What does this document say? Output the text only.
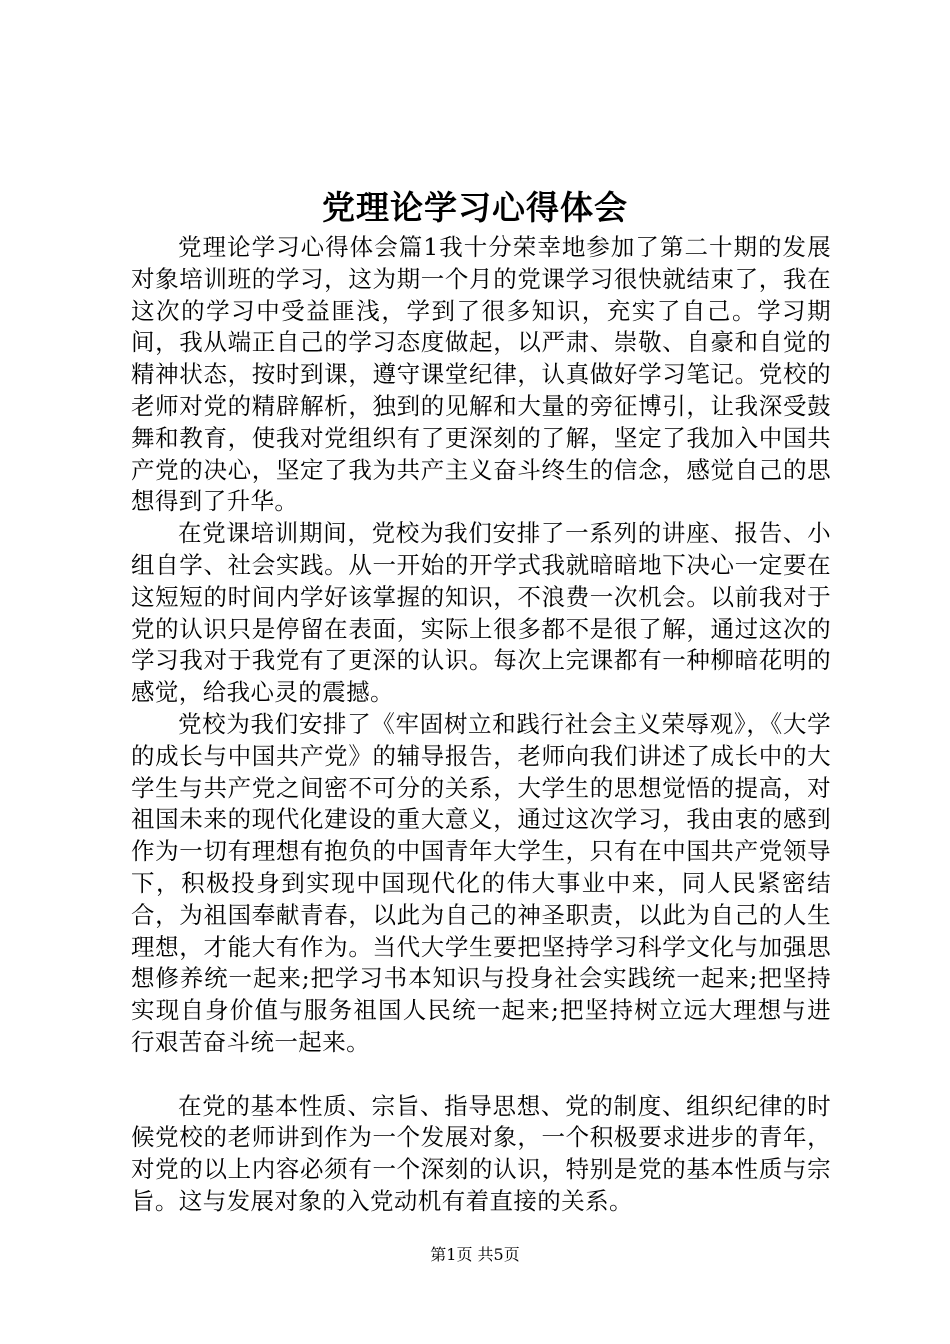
党理论学习心得体会

党理论学习心得体会篇1我十分荣幸地参加了第二十期的发展对象培训班的学习，这为期一个月的党课学习很快就结束了，我在这次的学习中受益匪浅，学到了很多知识，充实了自己。学习期间，我从端正自己的学习态度做起，以严肃、崇敬、自豪和自觉的精神状态，按时到课，遵守课堂纪律，认真做好学习笔记。党校的老师对党的精辟解析，独到的见解和大量的旁征博引，让我深受鼓舞和教育，使我对党组织有了更深刻的了解，坚定了我加入中国共产党的决心，坚定了我为共产主义奋斗终生的信念，感觉自己的思想得到了升华。

在党课培训期间，党校为我们安排了一系列的讲座、报告、小组自学、社会实践。从一开始的开学式我就暗暗地下决心一定要在这短短的时间内学好该掌握的知识，不浪费一次机会。以前我对于党的认识只是停留在表面，实际上很多都不是很了解，通过这次的学习我对于我党有了更深的认识。每次上完课都有一种柳暗花明的感觉，给我心灵的震撼。

党校为我们安排了《牢固树立和践行社会主义荣辱观》，《大学的成长与中国共产党》的辅导报告，老师向我们讲述了成长中的大学生与共产党之间密不可分的关系，大学生的思想觉悟的提高，对祖国未来的现代化建设的重大意义，通过这次学习，我由衷的感到作为一切有理想有抱负的中国青年大学生，只有在中国共产党领导下，积极投身到实现中国现代化的伟大事业中来，同人民紧密结合，为祖国奉献青春，以此为自己的神圣职责，以此为自己的人生理想，才能大有作为。当代大学生要把坚持学习科学文化与加强思想修养统一起来;把学习书本知识与投身社会实践统一起来;把坚持实现自身价值与服务祖国人民统一起来;把坚持树立远大理想与进行艰苦奋斗统一起来。

在党的基本性质、宗旨、指导思想、党的制度、组织纪律的时候党校的老师讲到作为一个发展对象，一个积极要求进步的青年，对党的以上内容必须有一个深刻的认识，特别是党的基本性质与宗旨。这与发展对象的入党动机有着直接的关系。

第1页 共5页
